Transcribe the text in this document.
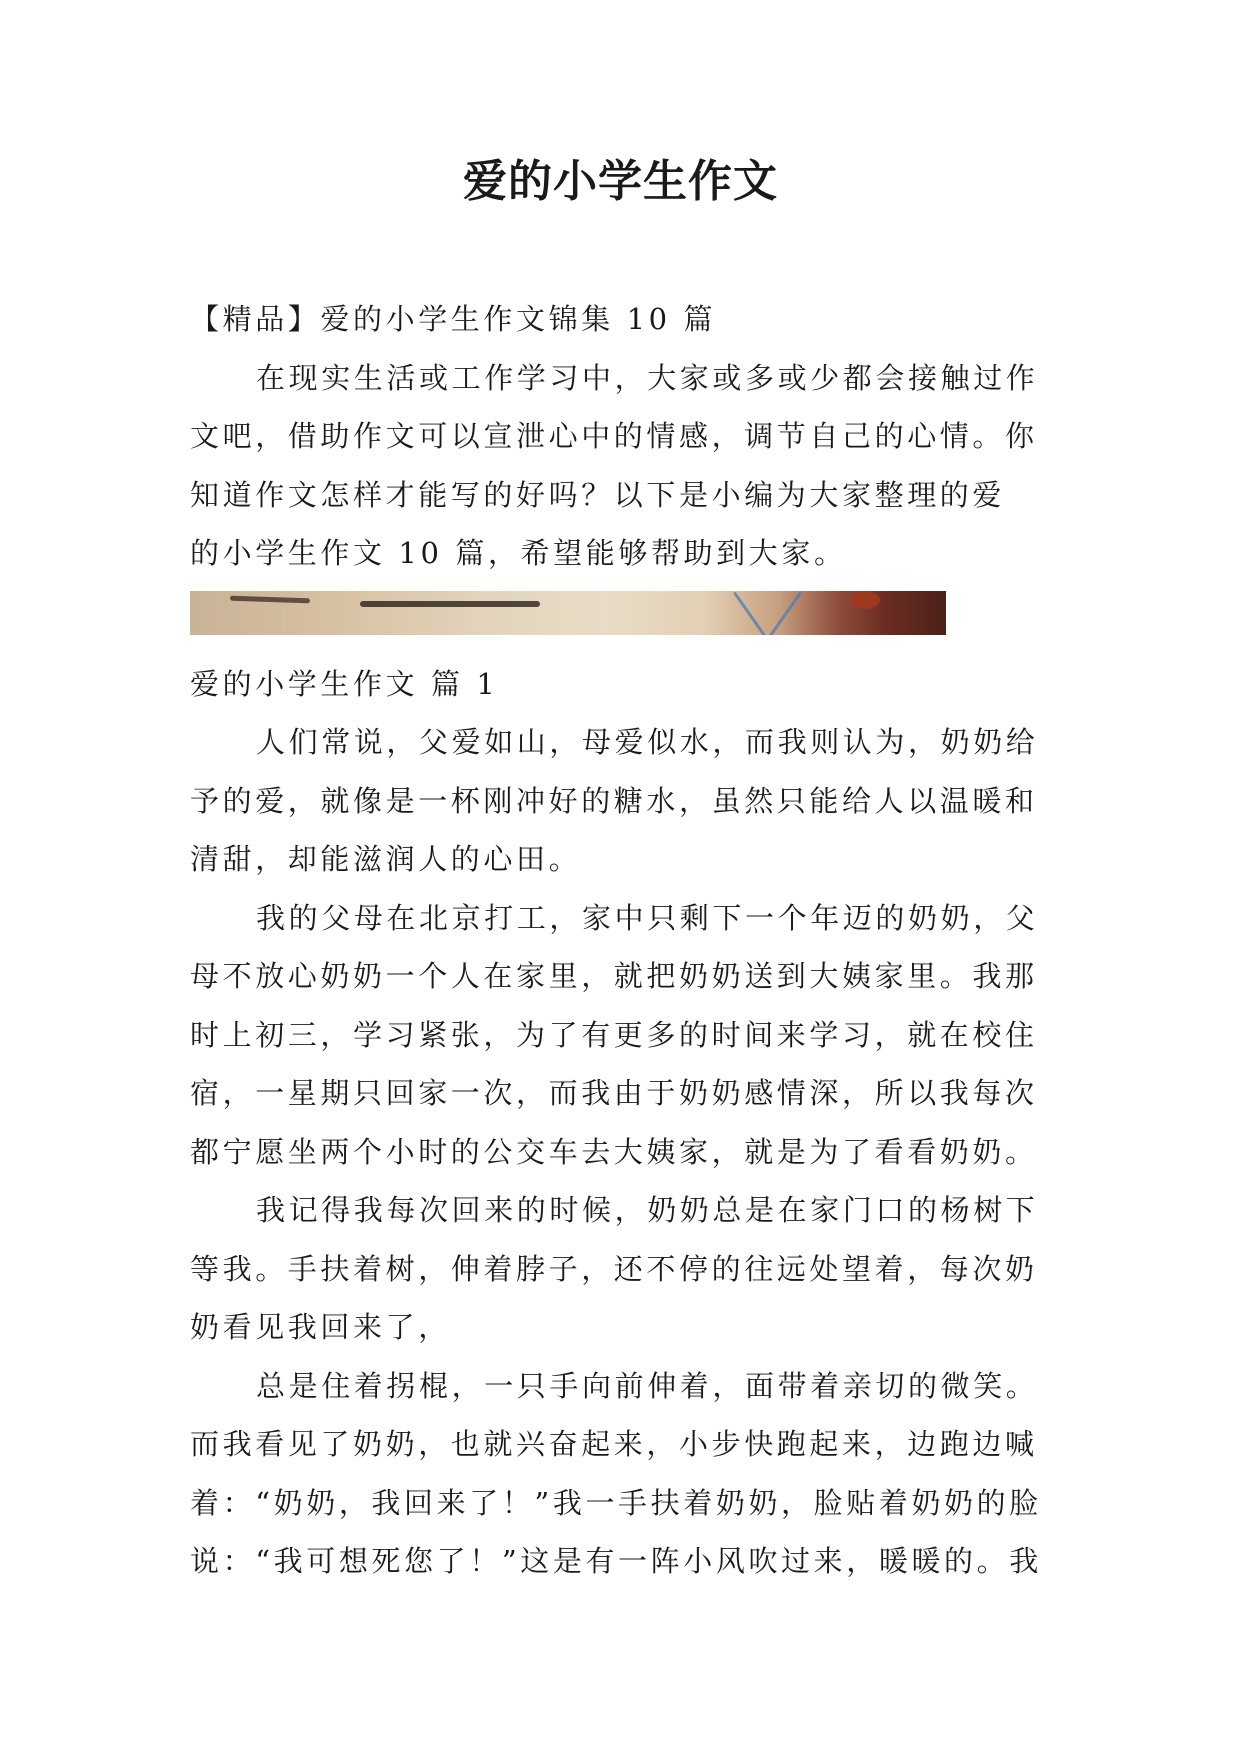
爱的小学生作文
【精品】爱的小学生作文锦集 10 篇
在现实生活或工作学习中，大家或多或少都会接触过作
文吧，借助作文可以宣泄心中的情感，调节自己的心情。你
知道作文怎样才能写的好吗？以下是小编为大家整理的爱
的小学生作文 10 篇，希望能够帮助到大家。
爱的小学生作文 篇 1
人们常说，父爱如山，母爱似水，而我则认为，奶奶给
予的爱，就像是一杯刚冲好的糖水，虽然只能给人以温暖和
清甜，却能滋润人的心田。
我的父母在北京打工，家中只剩下一个年迈的奶奶，父
母不放心奶奶一个人在家里，就把奶奶送到大姨家里。我那
时上初三，学习紧张，为了有更多的时间来学习，就在校住
宿，一星期只回家一次，而我由于奶奶感情深，所以我每次
都宁愿坐两个小时的公交车去大姨家，就是为了看看奶奶。
我记得我每次回来的时候，奶奶总是在家门口的杨树下
等我。手扶着树，伸着脖子，还不停的往远处望着，每次奶
奶看见我回来了，
总是住着拐棍，一只手向前伸着，面带着亲切的微笑。
而我看见了奶奶，也就兴奋起来，小步快跑起来，边跑边喊
着：“奶奶，我回来了！”我一手扶着奶奶，脸贴着奶奶的脸
说：“我可想死您了！”这是有一阵小风吹过来，暖暖的。我
